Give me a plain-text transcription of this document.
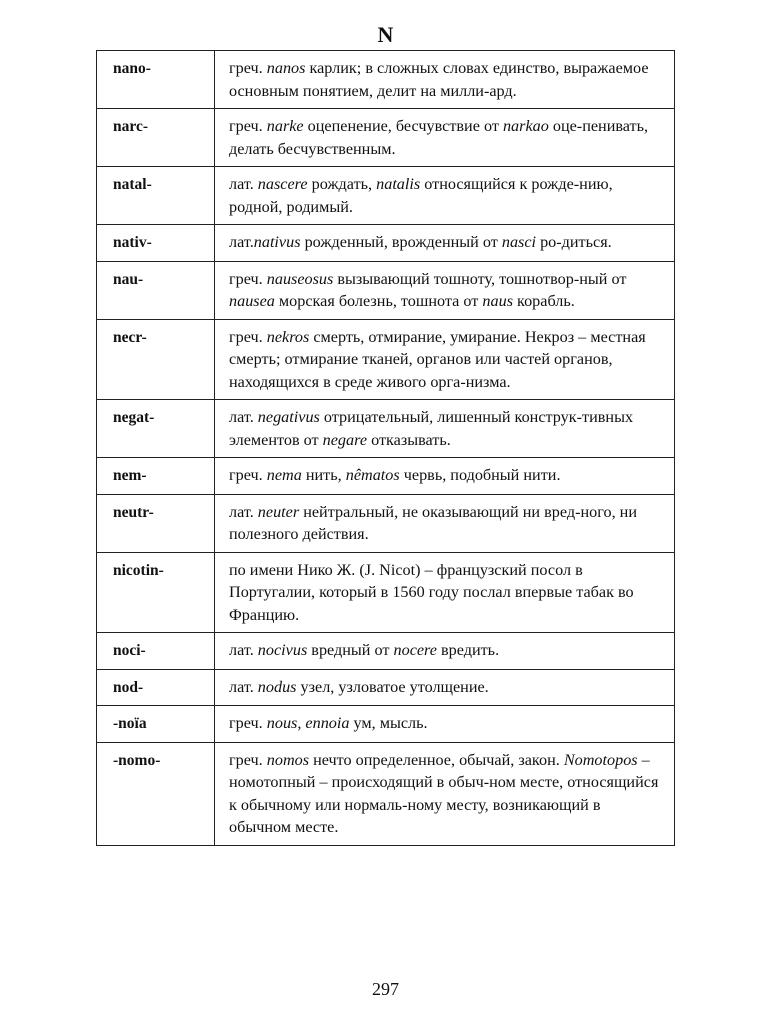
N
nano-	греч. nanos карлик; в сложных словах единство, выражаемое основным понятием, делит на милли-ард.
narc-	греч. narke оцепенение, бесчувствие от narkao оце-пенивать, делать бесчувственным.
natal-	лат. nascere рождать, natalis относящийся к рожде-нию, родной, родимый.
nativ-	лат.nativus рожденный, врожденный от nasci ро-диться.
nau-	греч. nauseosus вызывающий тошноту, тошнотвор-ный от nausea морская болезнь, тошнота от naus корабль.
necr-	греч. nekros смерть, отмирание, умирание. Некроз – местная смерть; отмирание тканей, органов или частей органов, находящихся в среде живого орга-низма.
negat-	лат. negativus отрицательный, лишенный конструк-тивных элементов от negare отказывать.
nem-	греч. nema нить, nêmatos червь, подобный нити.
neutr-	лат. neuter нейтральный, не оказывающий ни вред-ного, ни полезного действия.
nicotin-	по имени Нико Ж. (J. Nicot) – французский посол в Португалии, который в 1560 году послал впервые табак во Францию.
noci-	лат. nocivus вредный от nocere вредить.
nod-	лат. nodus узел, узловатое утолщение.
-noïa	греч. nous, ennoia ум, мысль.
-nomo-	греч. nomos нечто определенное, обычай, закон. Nomotopos – номотопный – происходящий в обыч-ном месте, относящийся к обычному или нормаль-ному месту, возникающий в обычном месте.
297
